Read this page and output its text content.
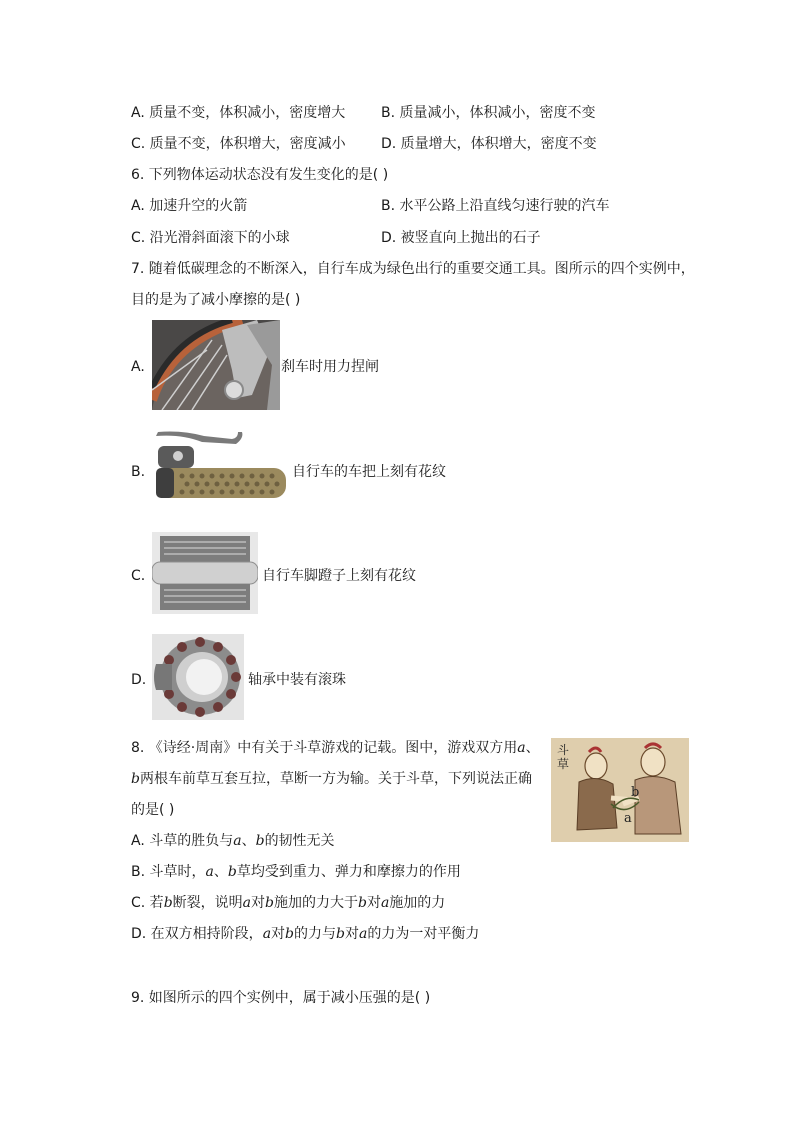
A. 质量不变，体积减小，密度增大	B. 质量减小，体积减小，密度不变
C. 质量不变，体积增大，密度减小	D. 质量增大，体积增大，密度不变
6. 下列物体运动状态没有发生变化的是( )
A. 加速升空的火箭	B. 水平公路上沿直线匀速行驶的汽车
C. 沿光滑斜面滚下的小球	D. 被竖直向上抛出的石子
7. 随着低碳理念的不断深入，自行车成为绿色出行的重要交通工具。图所示的四个实例中，
目的是为了减小摩擦的是( )
A.	刹车时用力捏闸
B.	自行车的车把上刻有花纹
C.	自行车脚蹬子上刻有花纹
D.	轴承中装有滚珠
8. 《诗经·周南》中有关于斗草游戏的记载。图中，游戏双方用a、
b两根车前草互套互拉，草断一方为输。关于斗草，下列说法正确
的是( )
A. 斗草的胜负与a、b的韧性无关
B. 斗草时，a、b草均受到重力、弹力和摩擦力的作用
C. 若b断裂，说明a对b施加的力大于b对a施加的力
D. 在双方相持阶段，a对b的力与b对a的力为一对平衡力
斗
草
b
a
9. 如图所示的四个实例中，属于减小压强的是( )
